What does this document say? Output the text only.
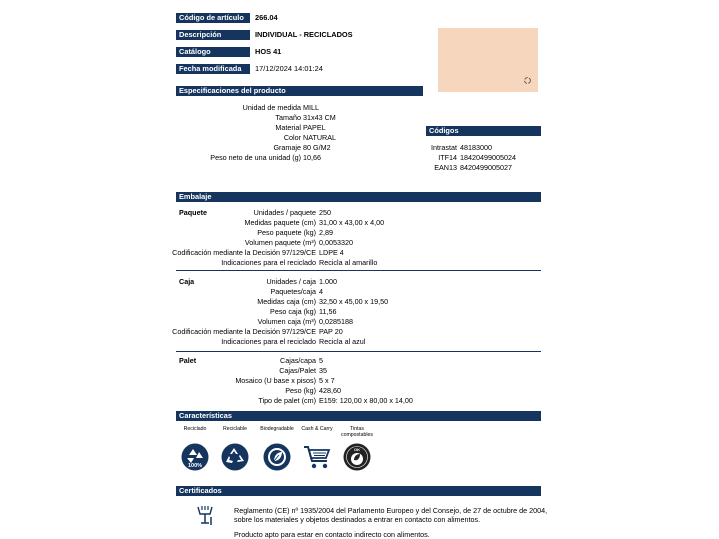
Código de artículo	266.04
Descripción	INDIVIDUAL - RECICLADOS
Catálogo	HOS 41
Fecha modificada	17/12/2024 14:01:24
Especificaciones del producto
Unidad de medida MILL
Tamaño 31x43 CM
Material PAPEL
Color NATURAL
Gramaje 80 G/M2
Peso neto de una unidad (g) 10,66
Códigos
Intrastat 48183000
ITF14 18420499005024
EAN13 8420499005027
Embalaje
Paquete	Unidades / paquete 250
Medidas paquete (cm) 31,00 x 43,00 x 4,00
Peso paquete (kg) 2,89
Volumen paquete (m³) 0,0053320
Codificación mediante la Decisión 97/129/CE LDPE 4
Indicaciones para el reciclado Recicla al amarillo
Caja	Unidades / caja 1.000
Paquetes/caja 4
Medidas caja (cm) 32,50 x 45,00 x 19,50
Peso caja (kg) 11,56
Volumen caja (m³) 0,0285188
Codificación mediante la Decisión 97/129/CE PAP 20
Indicaciones para el reciclado Recicla al azul
Palet	Cajas/capa 5
Cajas/Palet 35
Mosaico (U base x pisos) 5 x 7
Peso (kg) 428,60
Tipo de palet (cm) E159: 120,00 x 80,00 x 14,00
Características
Reciclado	Reciclable	Biodegradable	Cash & Carry	Tintas compostables
100%
OK
Certificados
Reglamento (CE) nº 1935/2004 del Parlamento Europeo y del Consejo, de 27 de octubre de 2004,
sobre los materiales y objetos destinados a entrar en contacto con alimentos.
Producto apto para estar en contacto indirecto con alimentos.
